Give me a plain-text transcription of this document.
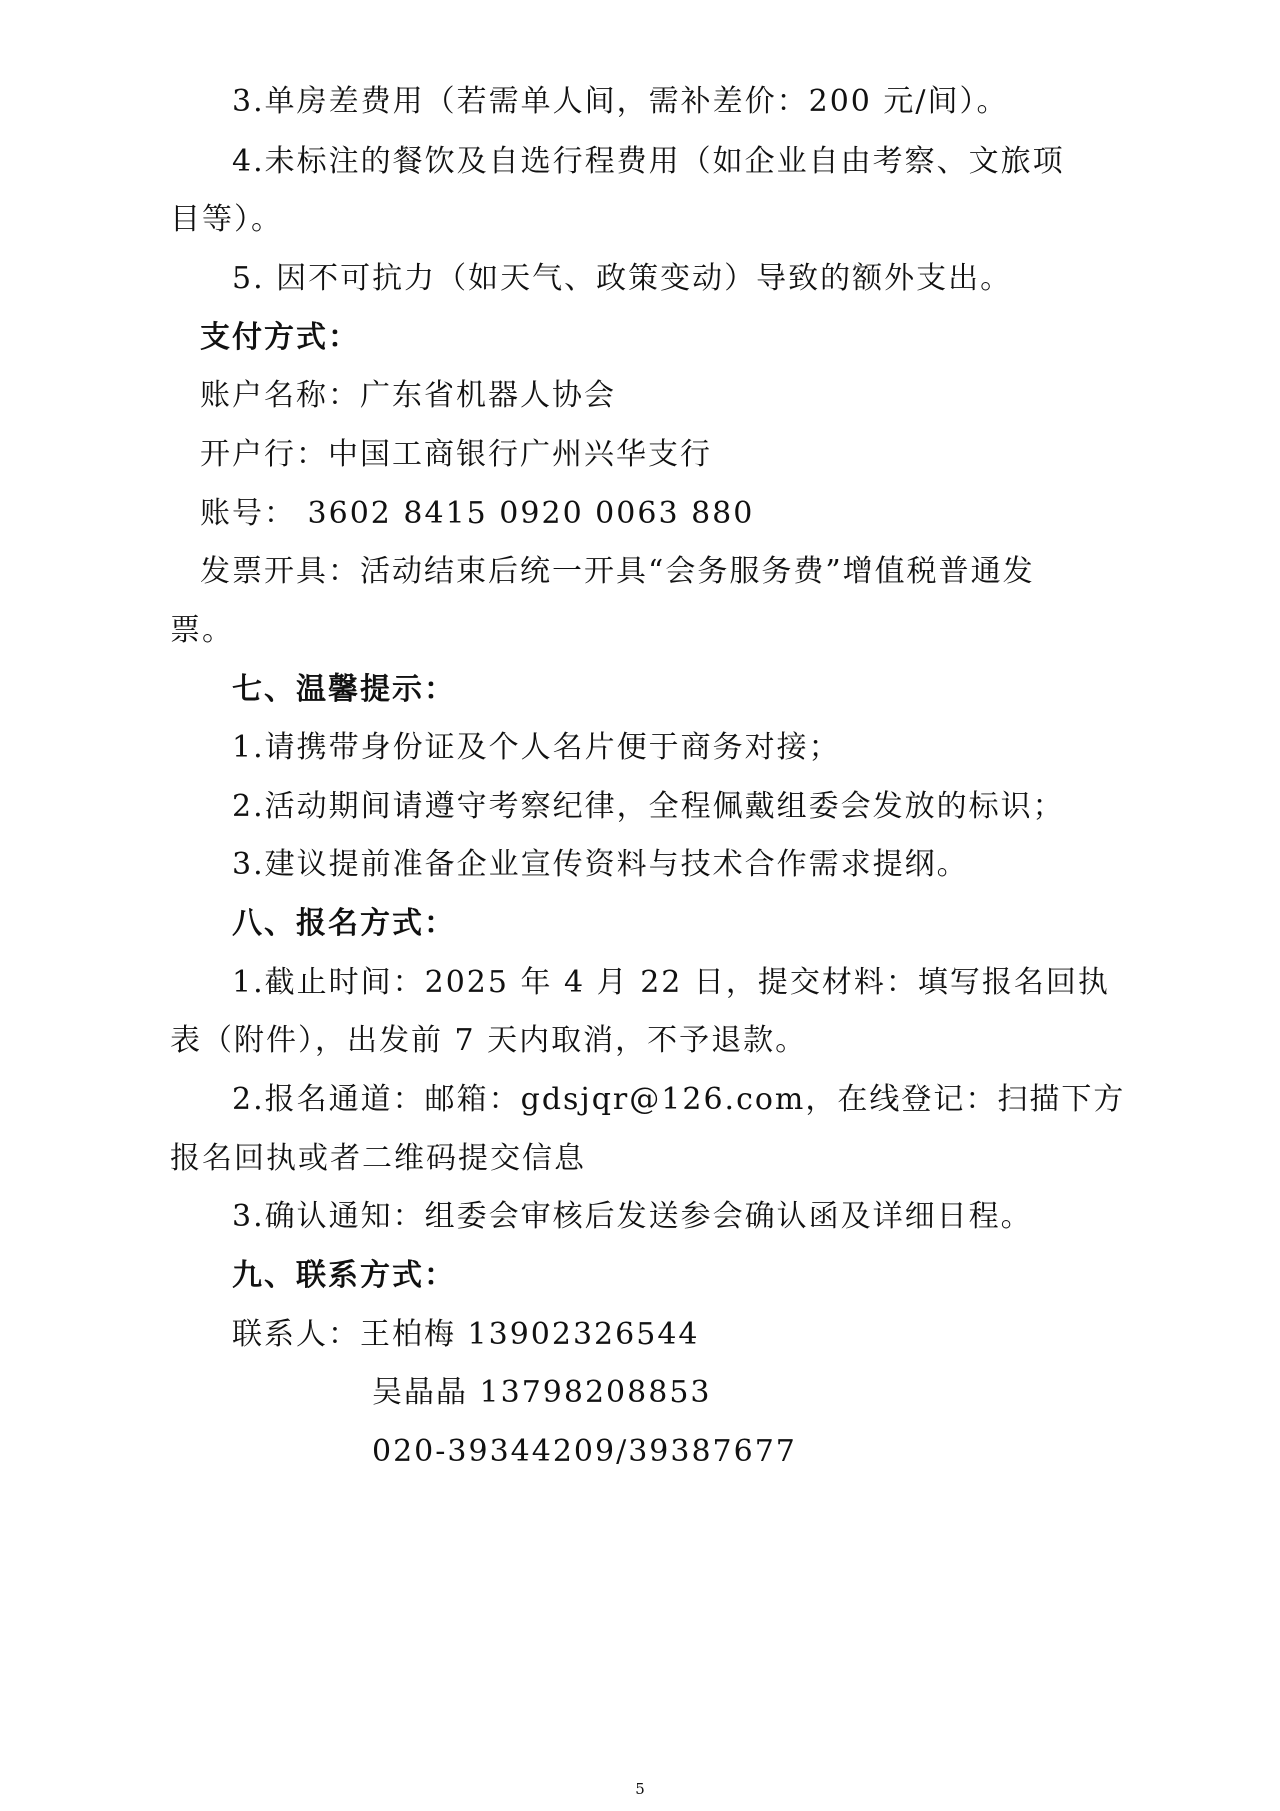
3.单房差费用（若需单人间，需补差价：200 元/间）。
4.未标注的餐饮及自选行程费用（如企业自由考察、文旅项
目等）。
5. 因不可抗力（如天气、政策变动）导致的额外支出。
支付方式：
账户名称：广东省机器人协会
开户行：中国工商银行广州兴华支行
账号： 3602 8415 0920 0063 880
发票开具：活动结束后统一开具“会务服务费”增值税普通发
票。
七、温馨提示：
1.请携带身份证及个人名片便于商务对接；
2.活动期间请遵守考察纪律，全程佩戴组委会发放的标识；
3.建议提前准备企业宣传资料与技术合作需求提纲。
八、报名方式：
1.截止时间：2025 年 4 月 22 日，提交材料：填写报名回执
表（附件），出发前 7 天内取消，不予退款。
2.报名通道：邮箱：gdsjqr@126.com，在线登记：扫描下方
报名回执或者二维码提交信息
3.确认通知：组委会审核后发送参会确认函及详细日程。
九、联系方式：
联系人：王柏梅 13902326544
吴晶晶 13798208853
020-39344209/39387677
5
